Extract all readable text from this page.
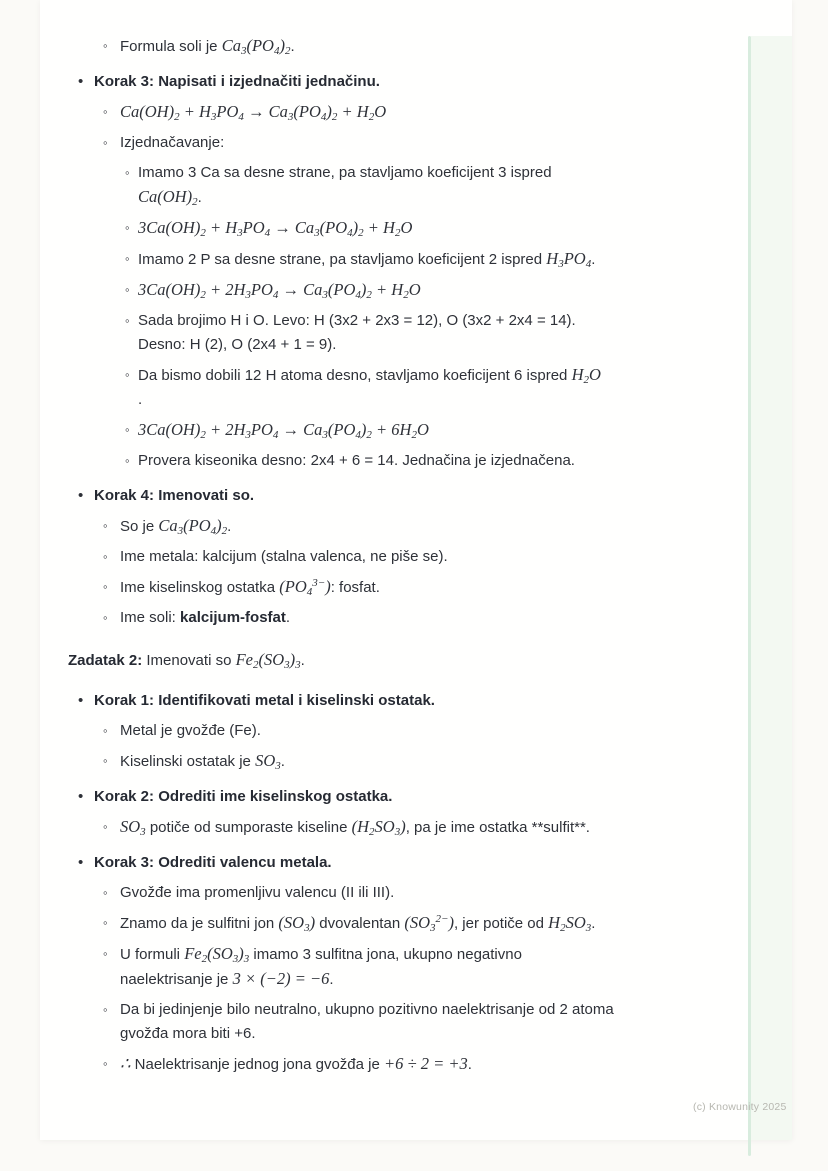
◦ Formula soli je $Ca_3(PO_4)_2$.
• Korak 3: Napisati i izjednačiti jednačinu.
◦ $Ca(OH)_2 + H_3PO_4 \to Ca_3(PO_4)_2 + H_2O$
◦ Izjednačavanje:
◦ Imamo 3 Ca sa desne strane, pa stavljamo koeficijent 3 ispred
$Ca(OH)_2$.
◦ $3Ca(OH)_2 + H_3PO_4 \to Ca_3(PO_4)_2 + H_2O$
◦ Imamo 2 P sa desne strane, pa stavljamo koeficijent 2 ispred $H_3PO_4$.
◦ $3Ca(OH)_2 + 2H_3PO_4 \to Ca_3(PO_4)_2 + H_2O$
◦ Sada brojimo H i O. Levo: H (3x2 + 2x3 = 12), O (3x2 + 2x4 = 14).
Desno: H (2), O (2x4 + 1 = 9).
◦ Da bismo dobili 12 H atoma desno, stavljamo koeficijent 6 ispred $H_2O$
.
◦ $3Ca(OH)_2 + 2H_3PO_4 \to Ca_3(PO_4)_2 + 6H_2O$
◦ Provera kiseonika desno: 2x4 + 6 = 14. Jednačina je izjednačena.
• Korak 4: Imenovati so.
◦ So je $Ca_3(PO_4)_2$.
◦ Ime metala: kalcijum (stalna valenca, ne piše se).
◦ Ime kiselinskog ostatka $(PO_4^{3-})$: fosfat.
◦ Ime soli: kalcijum-fosfat.
Zadatak 2: Imenovati so $Fe_2(SO_3)_3$.
• Korak 1: Identifikovati metal i kiselinski ostatak.
◦ Metal je gvožđe (Fe).
◦ Kiselinski ostatak je $SO_3$.
• Korak 2: Odrediti ime kiselinskog ostatka.
◦ $SO_3$ potiče od sumporaste kiseline $(H_2SO_3)$, pa je ime ostatka **sulfit**.
• Korak 3: Odrediti valencu metala.
◦ Gvožđe ima promenljivu valencu (II ili III).
◦ Znamo da je sulfitni jon $(SO_3)$ dvovalentan $(SO_3^{2-})$, jer potiče od $H_2SO_3$.
◦ U formuli $Fe_2(SO_3)_3$ imamo 3 sulfitna jona, ukupno negativno
naelektrisanje je 3 × (−2) = −6.
◦ Da bi jedinjenje bilo neutralno, ukupno pozitivno naelektrisanje od 2 atoma
gvožđa mora biti +6.
◦ ∴ Naelektrisanje jednog jona gvožđa je +6 ÷ 2 = +3.
(c) Knowunity 2025
